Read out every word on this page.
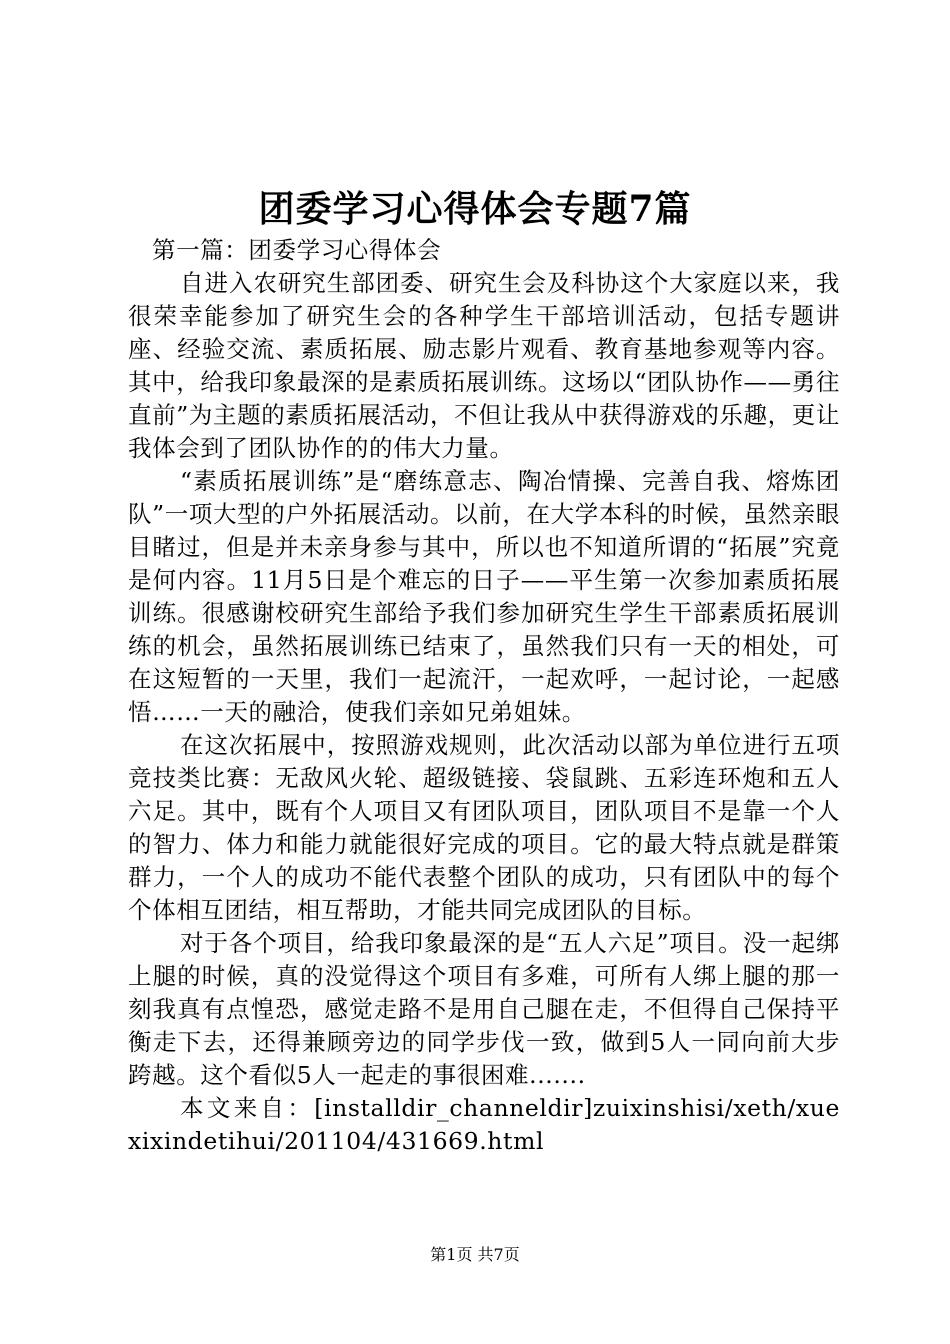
团委学习心得体会专题7篇

第一篇：团委学习心得体会

自进入农研究生部团委、研究生会及科协这个大家庭以来，我很荣幸能参加了研究生会的各种学生干部培训活动，包括专题讲座、经验交流、素质拓展、励志影片观看、教育基地参观等内容。其中，给我印象最深的是素质拓展训练。这场以“团队协作——勇往直前”为主题的素质拓展活动，不但让我从中获得游戏的乐趣，更让我体会到了团队协作的的伟大力量。

“素质拓展训练”是“磨练意志、陶冶情操、完善自我、熔炼团队”一项大型的户外拓展活动。以前，在大学本科的时候，虽然亲眼目睹过，但是并未亲身参与其中，所以也不知道所谓的“拓展”究竟是何内容。11月5日是个难忘的日子——平生第一次参加素质拓展训练。很感谢校研究生部给予我们参加研究生学生干部素质拓展训练的机会，虽然拓展训练已结束了，虽然我们只有一天的相处，可在这短暂的一天里，我们一起流汗，一起欢呼，一起讨论，一起感悟……一天的融洽，使我们亲如兄弟姐妹。

在这次拓展中，按照游戏规则，此次活动以部为单位进行五项竞技类比赛：无敌风火轮、超级链接、袋鼠跳、五彩连环炮和五人六足。其中，既有个人项目又有团队项目，团队项目不是靠一个人的智力、体力和能力就能很好完成的项目。它的最大特点就是群策群力，一个人的成功不能代表整个团队的成功，只有团队中的每个个体相互团结，相互帮助，才能共同完成团队的目标。

对于各个项目，给我印象最深的是“五人六足”项目。没一起绑上腿的时候，真的没觉得这个项目有多难，可所有人绑上腿的那一刻我真有点惶恐，感觉走路不是用自己腿在走，不但得自己保持平衡走下去，还得兼顾旁边的同学步伐一致，做到5人一同向前大步跨越。这个看似5人一起走的事很困难.......

本文来自：[installdir_channeldir]zuixinshisi/xeth/xuexixindetihui/201104/431669.html

第1页 共7页
